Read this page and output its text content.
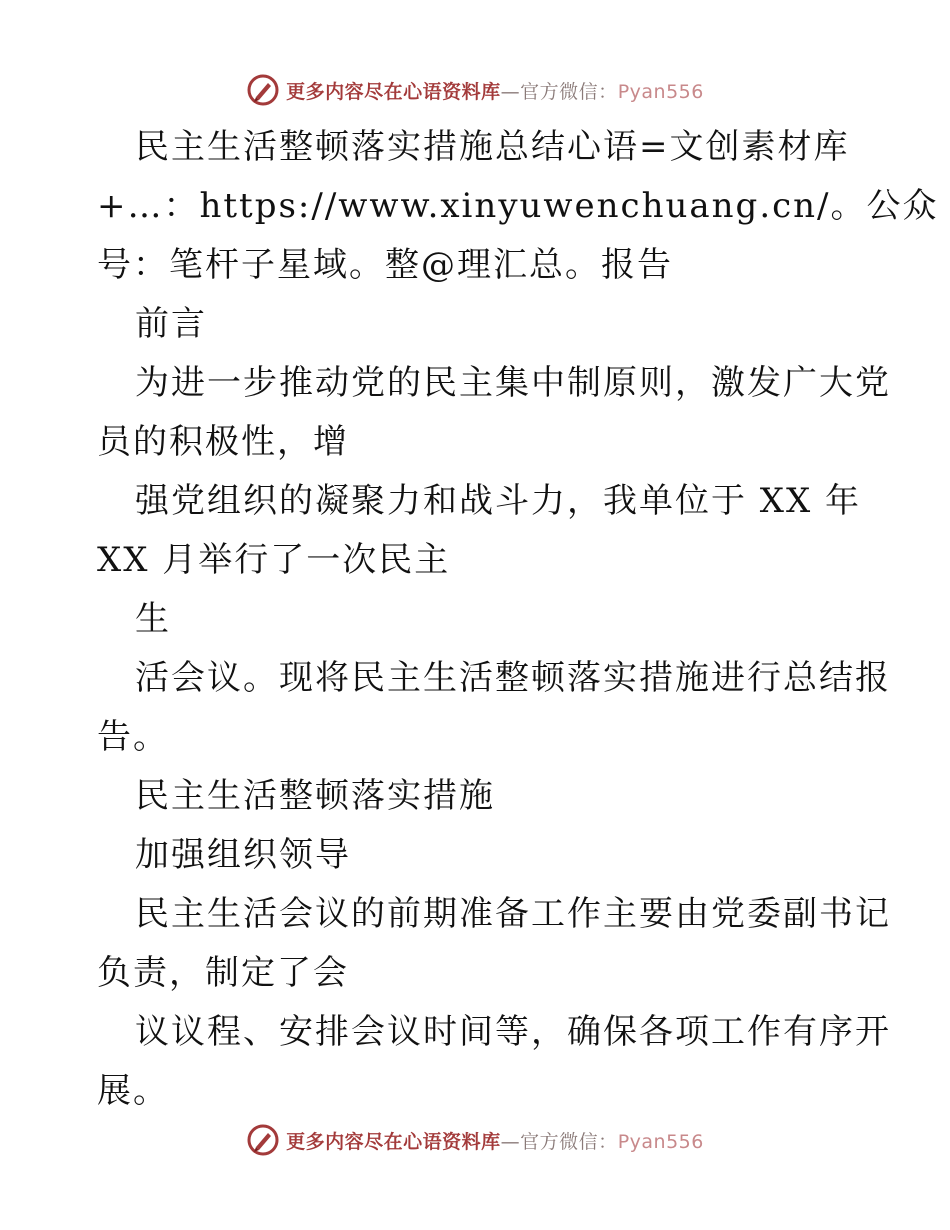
更多内容尽在心语资料库—官方微信：Pyan556
民主生活整顿落实措施总结心语=文创素材库
+…：https://www.xinyuwenchuang.cn/。公众
号：笔杆子星域。整@理汇总。报告
前言
为进一步推动党的民主集中制原则，激发广大党
员的积极性，增
强党组织的凝聚力和战斗力，我单位于 XX 年
XX 月举行了一次民主
生
活会议。现将民主生活整顿落实措施进行总结报
告。
民主生活整顿落实措施
加强组织领导
民主生活会议的前期准备工作主要由党委副书记
负责，制定了会
议议程、安排会议时间等，确保各项工作有序开
展。
更多内容尽在心语资料库—官方微信：Pyan556
